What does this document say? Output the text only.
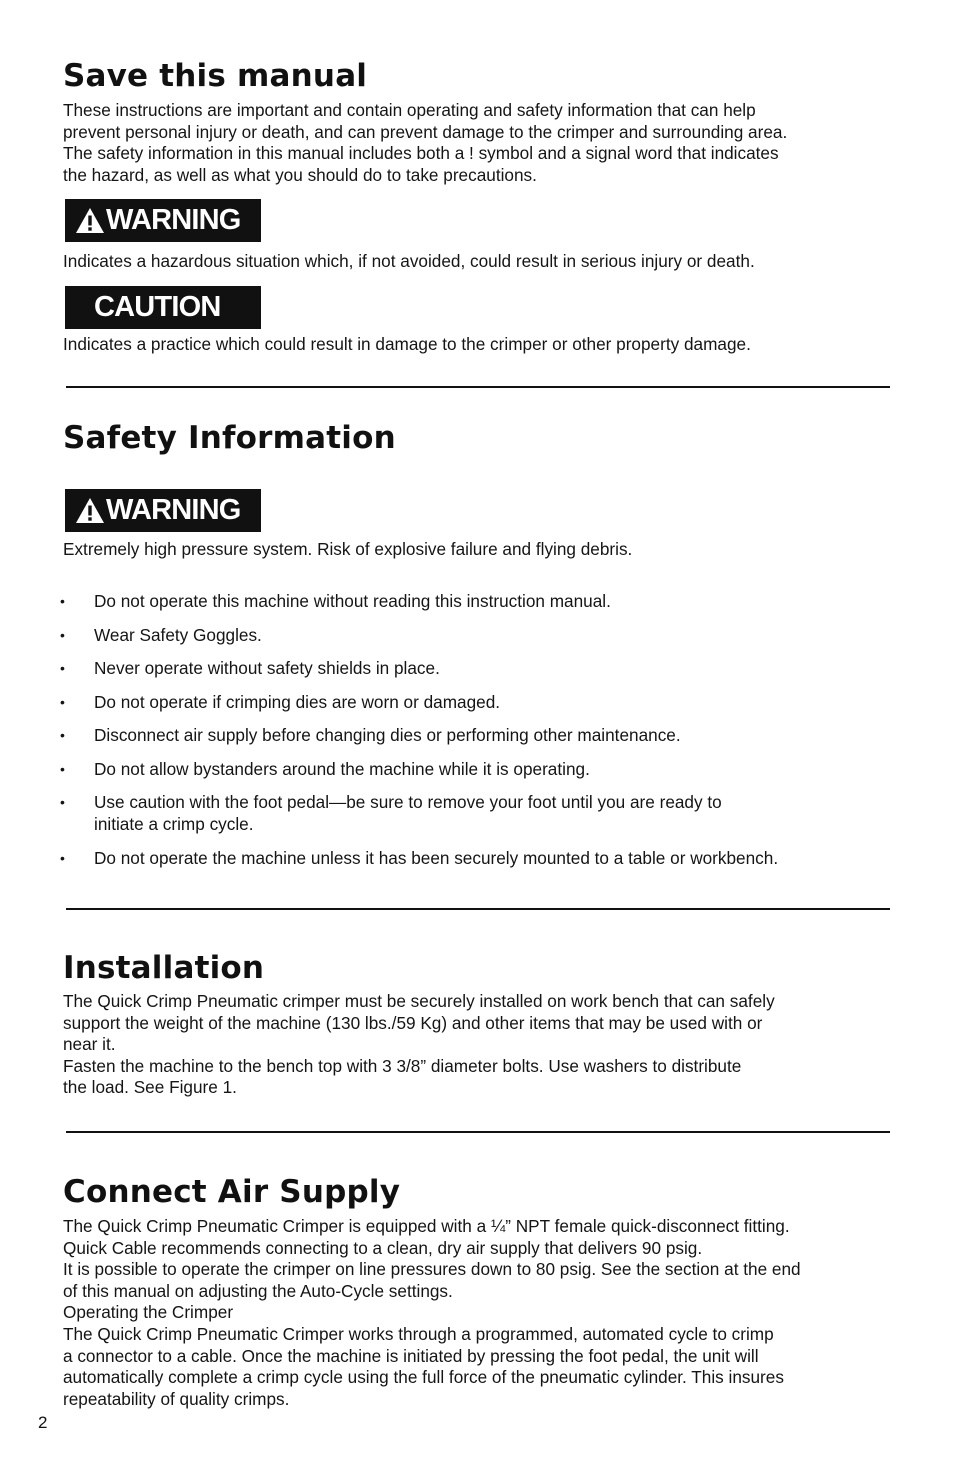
Save this manual
These instructions are important and contain operating and safety information that can help
prevent personal injury or death, and can prevent damage to the crimper and surrounding area.
The safety information in this manual includes both a ! symbol and a signal word that indicates
the hazard, as well as what you should do to take precautions.
WARNING
Indicates a hazardous situation which, if not avoided, could result in serious injury or death.
CAUTION
Indicates a practice which could result in damage to the crimper or other property damage.
Safety Information
WARNING
Extremely high pressure system. Risk of explosive failure and flying debris.
• Do not operate this machine without reading this instruction manual.
• Wear Safety Goggles.
• Never operate without safety shields in place.
• Do not operate if crimping dies are worn or damaged.
• Disconnect air supply before changing dies or performing other maintenance.
• Do not allow bystanders around the machine while it is operating.
• Use caution with the foot pedal—be sure to remove your foot until you are ready to
initiate a crimp cycle.
• Do not operate the machine unless it has been securely mounted to a table or workbench.
Installation
The Quick Crimp Pneumatic crimper must be securely installed on work bench that can safely
support the weight of the machine (130 lbs./59 Kg) and other items that may be used with or
near it.
Fasten the machine to the bench top with 3 3/8” diameter bolts. Use washers to distribute
the load. See Figure 1.
Connect Air Supply
The Quick Crimp Pneumatic Crimper is equipped with a ¼” NPT female quick-disconnect fitting.
Quick Cable recommends connecting to a clean, dry air supply that delivers 90 psig.
It is possible to operate the crimper on line pressures down to 80 psig. See the section at the end
of this manual on adjusting the Auto-Cycle settings.
Operating the Crimper
The Quick Crimp Pneumatic Crimper works through a programmed, automated cycle to crimp
a connector to a cable. Once the machine is initiated by pressing the foot pedal, the unit will
automatically complete a crimp cycle using the full force of the pneumatic cylinder. This insures
repeatability of quality crimps.
2
